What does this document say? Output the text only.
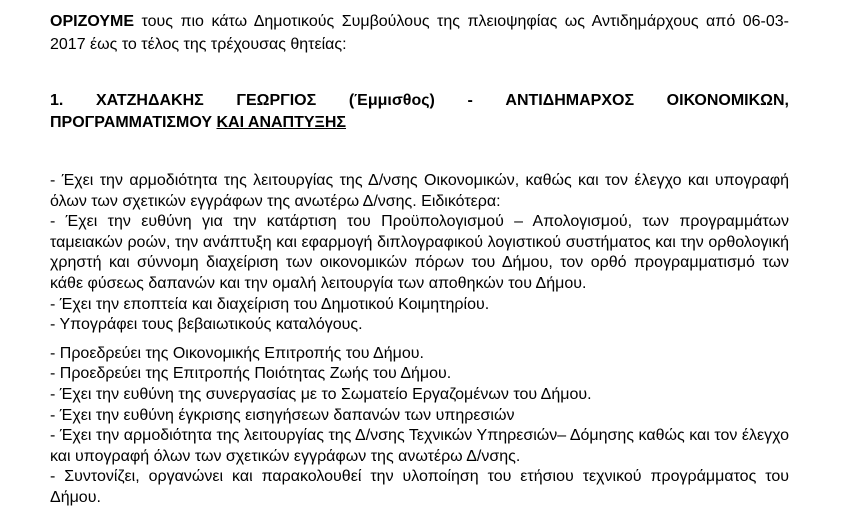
ΟΡΙΖΟΥΜΕ τους πιο κάτω Δημοτικούς Συμβούλους της πλειοψηφίας ως Αντιδημάρχους από 06-03-2017 έως το τέλος της τρέχουσας θητείας:

1. ΧΑΤΖΗΔΑΚΗΣ ΓΕΩΡΓΙΟΣ (Έμμισθος) - ΑΝΤΙΔΗΜΑΡΧΟΣ ΟΙΚΟΝΟΜΙΚΩΝ,
ΠΡΟΓΡΑΜΜΑΤΙΣΜΟΥ ΚΑΙ ΑΝΑΠΤΥΞΗΣ

- Έχει την αρμοδιότητα της λειτουργίας της Δ/νσης Οικονομικών, καθώς και τον έλεγχο και υπογραφή όλων των σχετικών εγγράφων της ανωτέρω Δ/νσης. Ειδικότερα:

- Έχει την ευθύνη για την κατάρτιση του Προϋπολογισμού – Απολογισμού, των προγραμμάτων ταμειακών ροών, την ανάπτυξη και εφαρμογή διπλογραφικού λογιστικού συστήματος και την ορθολογική χρηστή και σύννομη διαχείριση των οικονομικών πόρων του Δήμου, τον ορθό προγραμματισμό των κάθε φύσεως δαπανών και την ομαλή λειτουργία των αποθηκών του Δήμου.

- Έχει την εποπτεία και διαχείριση του Δημοτικού Κοιμητηρίου.

- Υπογράφει τους βεβαιωτικούς καταλόγους.

- Προεδρεύει της Οικονομικής Επιτροπής του Δήμου.

- Προεδρεύει της Επιτροπής Ποιότητας Ζωής του Δήμου.

- Έχει την ευθύνη της συνεργασίας με το Σωματείο Εργαζομένων του Δήμου.

- Έχει την ευθύνη έγκρισης εισηγήσεων δαπανών των υπηρεσιών

- Έχει την αρμοδιότητα της λειτουργίας της Δ/νσης Τεχνικών Υπηρεσιών– Δόμησης καθώς και τον έλεγχο και υπογραφή όλων των σχετικών εγγράφων της ανωτέρω Δ/νσης.

- Συντονίζει, οργανώνει και παρακολουθεί την υλοποίηση του ετήσιου τεχνικού προγράμματος του Δήμου.
